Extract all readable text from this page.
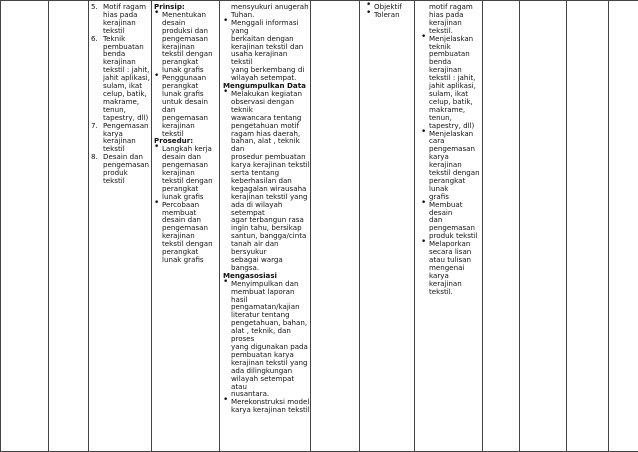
5. Motif ragam
hias pada
kerajinan
tekstil
6. Teknik
pembuatan
benda
kerajinan
tekstil : jahit,
jahit aplikasi,
sulam, ikat
celup, batik,
makrame,
tenun,
tapestry, dll)
7. Pengemasan
karya kerajinan
tekstil
8. Desain dan
pengemasan
produk tekstil
Prinsip:
• Menentukan
desain
produksi dan
pengemasan
kerajinan
tekstil dengan
perangkat
lunak grafis
• Penggunaan
perangkat
lunak grafis
untuk desain
dan
pengemasan
kerajinan
tekstil
Prosedur:
• Langkah kerja
desain dan
pengemasan
kerajinan
tekstil dengan
perangkat
lunak grafis
• Percobaan
membuat
desain dan
pengemasan
kerajinan
tekstil dengan
perangkat
lunak grafis
mensyukuri anugerah
Tuhan.
• Menggali informasi yang
berkaitan dengan
kerajinan tekstil dan
usaha kerajinan tekstil
yang berkembang di
wilayah setempat.
Mengumpulkan Data
• Melakukan kegiatan
observasi dengan teknik
wawancara tentang
pengetahuan motif
ragam hias daerah,
bahan, alat , teknik dan
prosedur pembuatan
karya kerajinan tekstil
serta tentang
keberhasilan dan
kegagalan wirausaha
kerajinan tekstil yang
ada di wilayah setempat
agar terbangun rasa
ingin tahu, bersikap
santun, bangga/cinta
tanah air dan bersyukur
sebagai warga bangsa.
Mengasosiasi
• Menyimpulkan dan
membuat laporan hasil
pengamatan/kajian
literatur tentang
pengetahuan, bahan,
alat , teknik, dan proses
yang digunakan pada
pembuatan karya
kerajinan tekstil yang
ada dilingkungan
wilayah setempat atau
nusantara.
• Merekonstruksi model
karya kerajinan tekstil
• Objektif
• Toleran
motif ragam
hias pada
kerajinan
tekstil.
• Menjelaskan
teknik
pembuatan
benda kerajinan
tekstil : jahit,
jahit aplikasi,
sulam, ikat
celup, batik,
makrame,
tenun,
tapestry, dll)
• Menjelaskan
cara
pengemasan
karya kerajinan
tekstil dengan
perangkat lunak
grafis
• Membuat desain
dan
pengemasan
produk tekstil
• Melaporkan
secara lisan
atau tulisan
mengenai
karya kerajinan
tekstil.
